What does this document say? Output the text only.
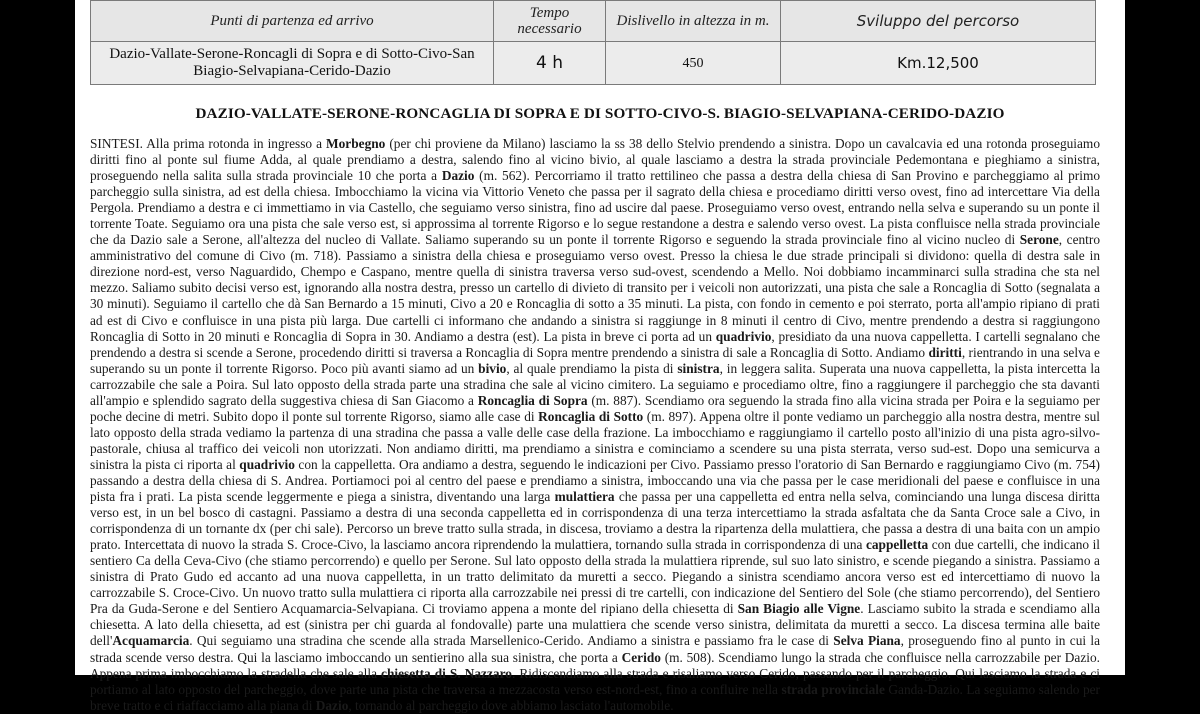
Punti di partenza ed arrivo	Tempo necessario	Dislivello in altezza in m.	Sviluppo del percorso
Dazio-Vallate-Serone-Roncagli di Sopra e di Sotto-Civo-San Biagio-Selvapiana-Cerido-Dazio	4 h	450	Km.12,500
DAZIO-VALLATE-SERONE-RONCAGLIA DI SOPRA E DI SOTTO-CIVO-S. BIAGIO-SELVAPIANA-CERIDO-DAZIO

SINTESI. Alla prima rotonda in ingresso a Morbegno (per chi proviene da Milano) lasciamo la ss 38 dello Stelvio prendendo a sinistra. Dopo un cavalcavia ed una rotonda proseguiamo diritti fino al ponte sul fiume Adda, al quale prendiamo a destra, salendo fino al vicino bivio, al quale lasciamo a destra la strada provinciale Pedemontana e pieghiamo a sinistra, proseguendo nella salita sulla strada provinciale 10 che porta a Dazio (m. 562). Percorriamo il tratto rettilineo che passa a destra della chiesa di San Provino e parcheggiamo al primo parcheggio sulla sinistra, ad est della chiesa. Imbocchiamo la vicina via Vittorio Veneto che passa per il sagrato della chiesa e procediamo diritti verso ovest, fino ad intercettare Via della Pergola. Prendiamo a destra e ci immettiamo in via Castello, che seguiamo verso sinistra, fino ad uscire dal paese. Proseguiamo verso ovest, entrando nella selva e superando su un ponte il torrente Toate. Seguiamo ora una pista che sale verso est, si approssima al torrente Rigorso e lo segue restandone a destra e salendo verso ovest. La pista confluisce nella strada provinciale che da Dazio sale a Serone, all'altezza del nucleo di Vallate. Saliamo superando su un ponte il torrente Rigorso e seguendo la strada provinciale fino al vicino nucleo di Serone, centro amministrativo del comune di Civo (m. 718). Passiamo a sinistra della chiesa e proseguiamo verso ovest. Presso la chiesa le due strade principali si dividono: quella di destra sale in direzione nord-est, verso Naguardido, Chempo e Caspano, mentre quella di sinistra traversa verso sud-ovest, scendendo a Mello. Noi dobbiamo incamminarci sulla stradina che sta nel mezzo. Saliamo subito decisi verso est, ignorando alla nostra destra, presso un cartello di divieto di transito per i veicoli non autorizzati, una pista che sale a Roncaglia di Sotto (segnalata a 30 minuti). Seguiamo il cartello che dà San Bernardo a 15 minuti, Civo a 20 e Roncaglia di sotto a 35 minuti. La pista, con fondo in cemento e poi sterrato, porta all'ampio ripiano di prati ad est di Civo e confluisce in una pista più larga. Due cartelli ci informano che andando a sinistra si raggiunge in 8 minuti il centro di Civo, mentre prendendo a destra si raggiungono Roncaglia di Sotto in 20 minuti e Roncaglia di Sopra in 30. Andiamo a destra (est). La pista in breve ci porta ad un quadrivio, presidiato da una nuova cappelletta. I cartelli segnalano che prendendo a destra si scende a Serone, procedendo diritti si traversa a Roncaglia di Sopra mentre prendendo a sinistra di sale a Roncaglia di Sotto. Andiamo diritti, rientrando in una selva e superando su un ponte il torrente Rigorso. Poco più avanti siamo ad un bivio, al quale prendiamo la pista di sinistra, in leggera salita. Superata una nuova cappelletta, la pista intercetta la carrozzabile che sale a Poira. Sul lato opposto della strada parte una stradina che sale al vicino cimitero. La seguiamo e procediamo oltre, fino a raggiungere il parcheggio che sta davanti all'ampio e splendido sagrato della suggestiva chiesa di San Giacomo a Roncaglia di Sopra (m. 887). Scendiamo ora seguendo la strada fino alla vicina strada per Poira e la seguiamo per poche decine di metri. Subito dopo il ponte sul torrente Rigorso, siamo alle case di Roncaglia di Sotto (m. 897). Appena oltre il ponte vediamo un parcheggio alla nostra destra, mentre sul lato opposto della strada vediamo la partenza di una stradina che passa a valle delle case della frazione. La imbocchiamo e raggiungiamo il cartello posto all'inizio di una pista agro-silvo-pastorale, chiusa al traffico dei veicoli non utorizzati. Non andiamo diritti, ma prendiamo a sinistra e cominciamo a scendere su una pista sterrata, verso sud-est. Dopo una semicurva a sinistra la pista ci riporta al quadrivio con la cappelletta. Ora andiamo a destra, seguendo le indicazioni per Civo. Passiamo presso l'oratorio di San Bernardo e raggiungiamo Civo (m. 754) passando a destra della chiesa di S. Andrea. Portiamoci poi al centro del paese e prendiamo a sinistra, imboccando una via che passa per le case meridionali del paese e confluisce in una pista fra i prati. La pista scende leggermente e piega a sinistra, diventando una larga mulattiera che passa per una cappelletta ed entra nella selva, cominciando una lunga discesa diritta verso est, in un bel bosco di castagni. Passiamo a destra di una seconda cappelletta ed in corrispondenza di una terza intercettiamo la strada asfaltata che da Santa Croce sale a Civo, in corrispondenza di un tornante dx (per chi sale). Percorso un breve tratto sulla strada, in discesa, troviamo a destra la ripartenza della mulattiera, che passa a destra di una baita con un ampio prato. Intercettata di nuovo la strada S. Croce-Civo, la lasciamo ancora riprendendo la mulattiera, tornando sulla strada in corrispondenza di una cappelletta con due cartelli, che indicano il sentiero Ca della Ceva-Civo (che stiamo percorrendo) e quello per Serone. Sul lato opposto della strada la mulattiera riprende, sul suo lato sinistro, e scende piegando a sinistra. Passiamo a sinistra di Prato Gudo ed accanto ad una nuova cappelletta, in un tratto delimitato da muretti a secco. Piegando a sinistra scendiamo ancora verso est ed intercettiamo di nuovo la carrozzabile S. Croce-Civo. Un nuovo tratto sulla mulattiera ci riporta alla carrozzabile nei pressi di tre cartelli, con indicazione del Sentiero del Sole (che stiamo percorrendo), del Sentiero Pra da Guda-Serone e del Sentiero Acquamarcia-Selvapiana. Ci troviamo appena a monte del ripiano della chiesetta di San Biagio alle Vigne. Lasciamo subito la strada e scendiamo alla chiesetta. A lato della chiesetta, ad est (sinistra per chi guarda al fondovalle) parte una mulattiera che scende verso sinistra, delimitata da muretti a secco. La discesa termina alle baite dell'Acquamarcia. Qui seguiamo una stradina che scende alla strada Marsellenico-Cerido. Andiamo a sinistra e passiamo fra le case di Selva Piana, proseguendo fino al punto in cui la strada scende verso destra. Qui la lasciamo imboccando un sentierino alla sua sinistra, che porta a Cerido (m. 508). Scendiamo lungo la strada che confluisce nella carrozzabile per Dazio. Appena prima imbocchiamo la stradella che sale alla chiesetta di S. Nazzaro. Ridiscendiamo alla strada e risaliamo verso Cerido, passando per il parcheggio. Qui lasciamo la strada e ci portiamo al lato opposto del parcheggio, dove parte una pista che traversa a mezzacosta verso est-nord-est, fino a confluire nella strada provinciale Ganda-Dazio. La seguiamo salendo per breve tratto e ci riaffacciamo alla piana di Dazio, tornando al parcheggio dove abbiamo lasciato l'automobile.
